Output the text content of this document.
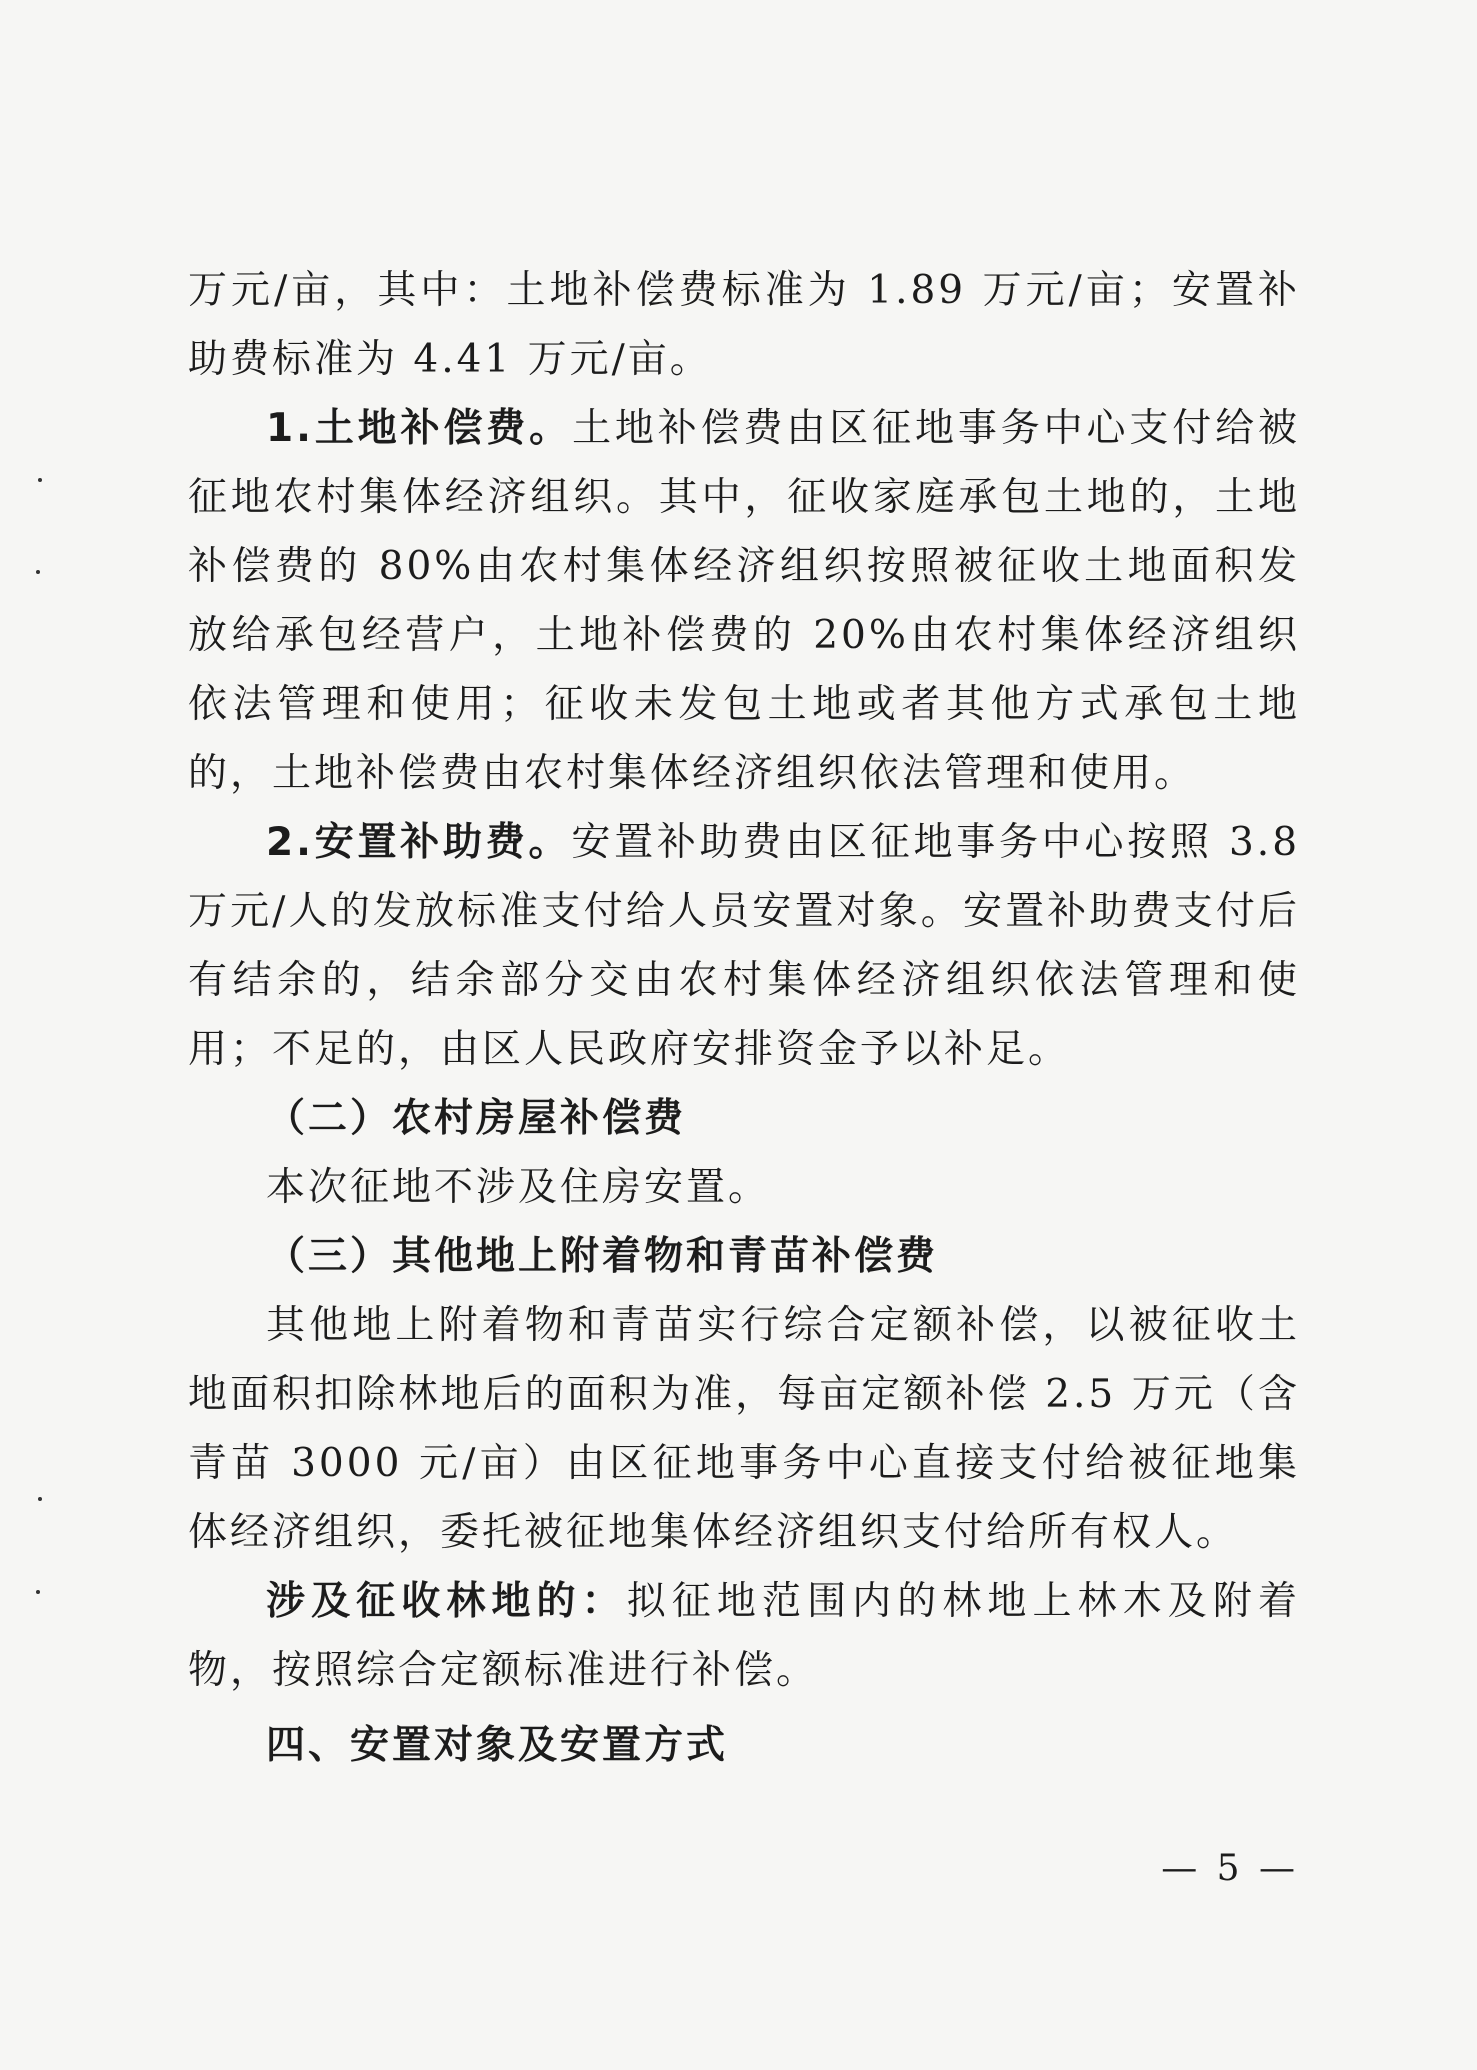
万元/亩，其中：土地补偿费标准为 1.89 万元/亩；安置补助费标准为 4.41 万元/亩。

1.土地补偿费。土地补偿费由区征地事务中心支付给被征地农村集体经济组织。其中，征收家庭承包土地的，土地补偿费的 80%由农村集体经济组织按照被征收土地面积发放给承包经营户，土地补偿费的 20%由农村集体经济组织依法管理和使用；征收未发包土地或者其他方式承包土地的，土地补偿费由农村集体经济组织依法管理和使用。

2.安置补助费。安置补助费由区征地事务中心按照 3.8 万元/人的发放标准支付给人员安置对象。安置补助费支付后有结余的，结余部分交由农村集体经济组织依法管理和使用；不足的，由区人民政府安排资金予以补足。

（二）农村房屋补偿费

本次征地不涉及住房安置。

（三）其他地上附着物和青苗补偿费

其他地上附着物和青苗实行综合定额补偿，以被征收土地面积扣除林地后的面积为准，每亩定额补偿 2.5 万元（含青苗 3000 元/亩）由区征地事务中心直接支付给被征地集体经济组织，委托被征地集体经济组织支付给所有权人。

涉及征收林地的：拟征地范围内的林地上林木及附着物，按照综合定额标准进行补偿。

四、安置对象及安置方式

— 5 —
